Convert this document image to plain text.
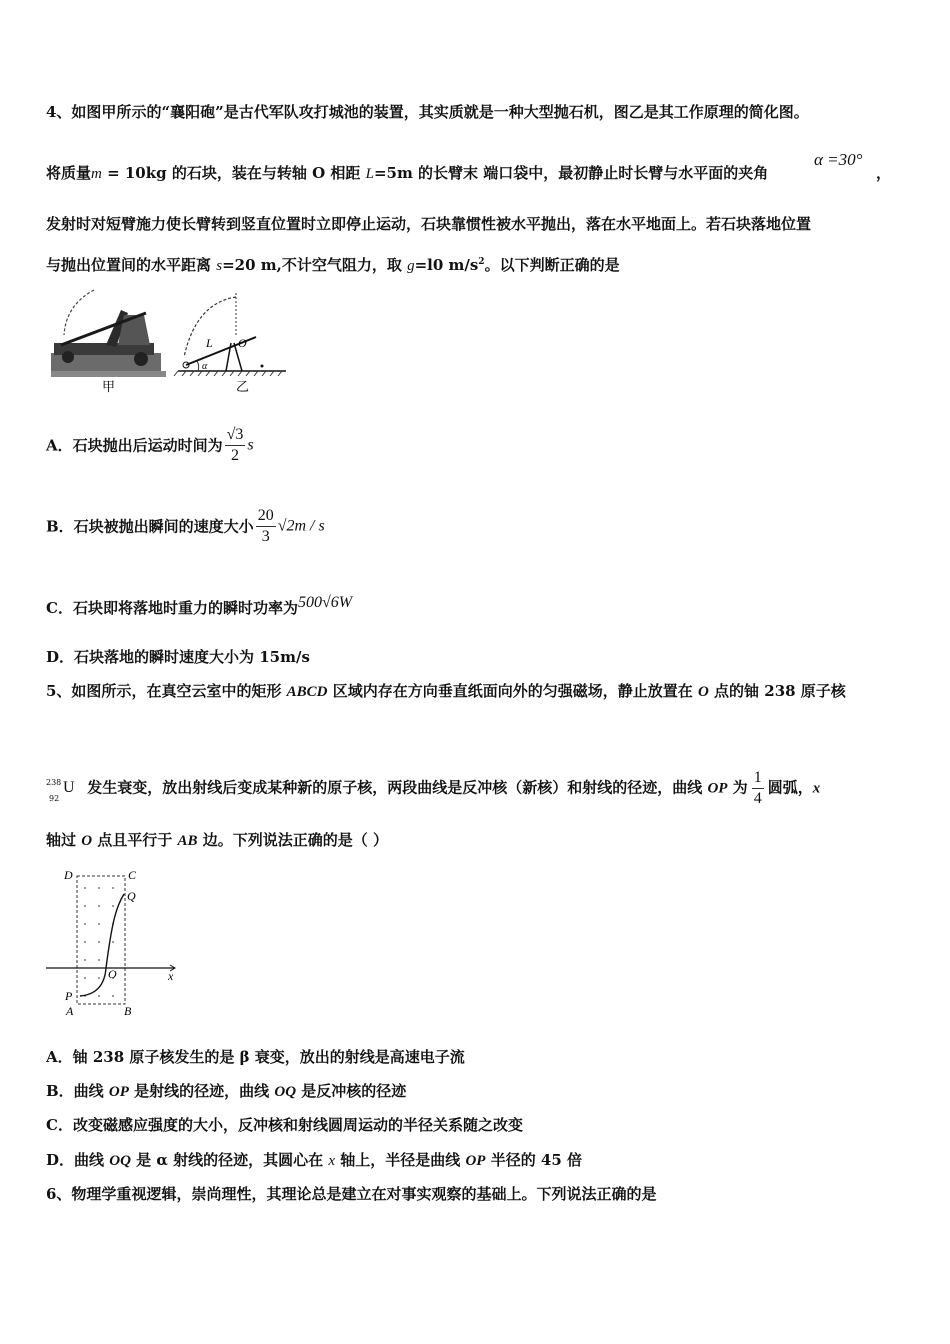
4、如图甲所示的“襄阳砲”是古代军队攻打城池的装置，其实质就是一种大型抛石机，图乙是其工作原理的简化图。
将质量m = 10kg 的石块，装在与转轴 O 相距 L=5m 的长臂末 端口袋中，最初静止时长臂与水平面的夹角
α =30°
，
发射时对短臂施力使长臂转到竖直位置时立即停止运动，石块靠惯性被水平抛出，落在水平地面上。若石块落地位置
与抛出位置间的水平距离 s=20 m,不计空气阻力，取 g=l0 $m/s^2$。以下判断正确的是
甲
L O
α
乙
A．石块抛出后运动时间为 $\frac{√3}{2}$ s
B．石块被抛出瞬间的速度大小 $\frac{20}{3} √2m$ / s
C．石块即将落地时重力的瞬时功率为500√6W
D．石块落地的瞬时速度大小为 15m/s
5、如图所示，在真空云室中的矩形 ABCD 区域内存在方向垂直纸面向外的匀强磁场，静止放置在 O 点的铀 238 原子核
238
92
U 发生衰变，放出射线后变成某种新的原子核，两段曲线是反冲核（新核）和射线的径迹，曲线 OP 为 $\frac{1}{4}$ 圆弧，x
轴过 O 点且平行于 AB 边。下列说法正确的是（ ）
D	C
Q
O	x
P
A	B
A．铀 238 原子核发生的是 β 衰变，放出的射线是高速电子流
B．曲线 OP 是射线的径迹，曲线 OQ 是反冲核的径迹
C．改变磁感应强度的大小，反冲核和射线圆周运动的半径关系随之改变
D．曲线 OQ 是 α 射线的径迹，其圆心在 x 轴上，半径是曲线 OP 半径的 45 倍
6、物理学重视逻辑，崇尚理性，其理论总是建立在对事实观察的基础上。下列说法正确的是
